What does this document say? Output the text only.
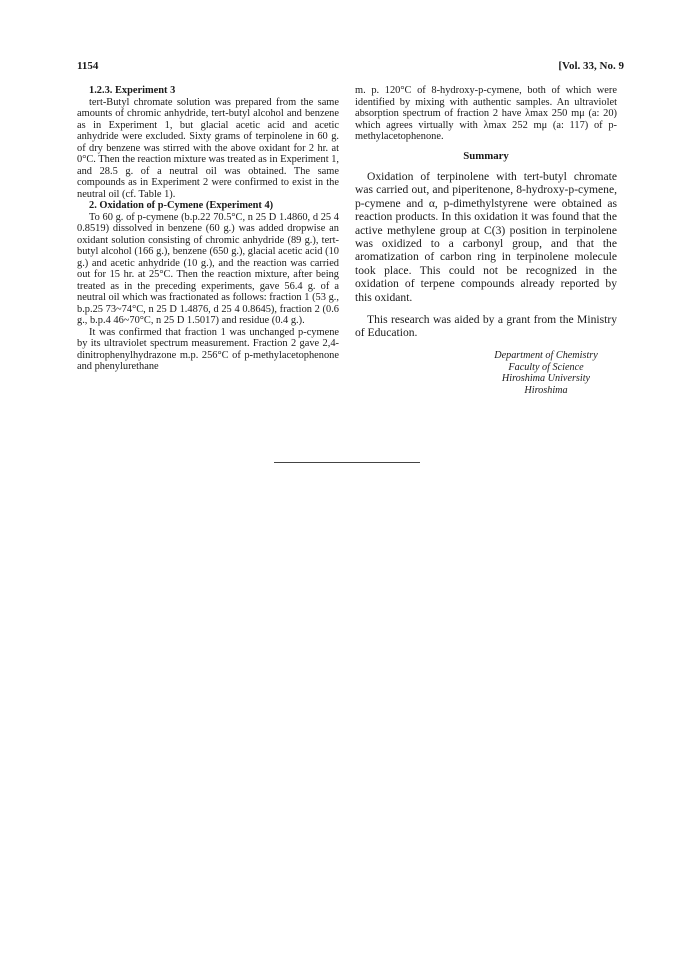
1154	[Vol. 33, No. 9

1.2.3. Experiment 3

tert-Butyl chromate solution was prepared from the same amounts of chromic anhydride, tert-butyl alcohol and benzene as in Experiment 1, but glacial acetic acid and acetic anhydride were excluded. Sixty grams of terpinolene in 60 g. of dry benzene was stirred with the above oxidant for 2 hr. at 0°C. Then the reaction mixture was treated as in Experiment 1, and 28.5 g. of a neutral oil was obtained. The same compounds as in Experiment 2 were confirmed to exist in the neutral oil (cf. Table 1).

2. Oxidation of p-Cymene (Experiment 4)

To 60 g. of p-cymene (b.p.22 70.5°C, n 25 D 1.4860, d 25 4 0.8519) dissolved in benzene (60 g.) was added dropwise an oxidant solution consisting of chromic anhydride (89 g.), tert-butyl alcohol (166 g.), benzene (650 g.), glacial acetic acid (10 g.) and acetic anhydride (10 g.), and the reaction was carried out for 15 hr. at 25°C. Then the reaction mixture, after being treated as in the preceding experiments, gave 56.4 g. of a neutral oil which was fractionated as follows: fraction 1 (53 g., b.p.25 73~74°C, n 25 D 1.4876, d 25 4 0.8645), fraction 2 (0.6 g., b.p.4 46~70°C, n 25 D 1.5017) and residue (0.4 g.).

It was confirmed that fraction 1 was unchanged p-cymene by its ultraviolet spectrum measurement. Fraction 2 gave 2,4-dinitrophenylhydrazone m.p. 256°C of p-methylacetophenone and phenylurethane

m. p. 120°C of 8-hydroxy-p-cymene, both of which were identified by mixing with authentic samples. An ultraviolet absorption spectrum of fraction 2 have λmax 250 mμ (a: 20) which agrees virtually with λmax 252 mμ (a: 117) of p-methylacetophenone.

Summary

Oxidation of terpinolene with tert-butyl chromate was carried out, and piperitenone, 8-hydroxy-p-cymene, p-cymene and α, p-dimethylstyrene were obtained as reaction products. In this oxidation it was found that the active methylene group at C(3) position in terpinolene was oxidized to a carbonyl group, and that the aromatization of carbon ring in terpinolene molecule took place. This could not be recognized in the oxidation of terpene compounds already reported by this oxidant.

This research was aided by a grant from the Ministry of Education.

Department of Chemistry
Faculty of Science
Hiroshima University
Hiroshima
